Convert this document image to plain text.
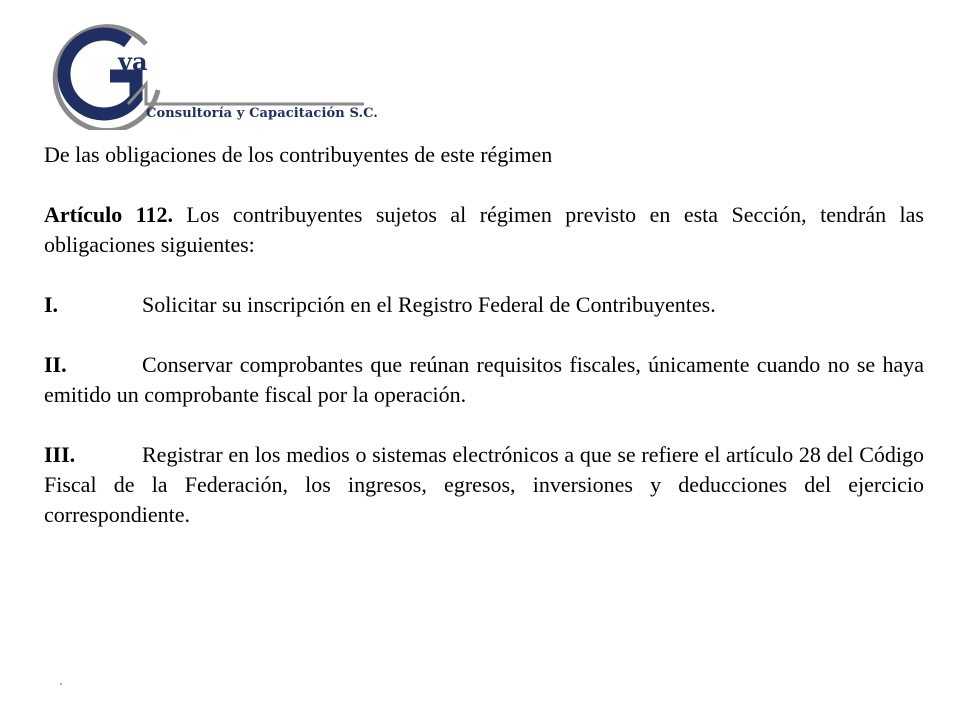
va
Consultoría y Capacitación S.C.

De las obligaciones de los contribuyentes de este régimen

Artículo 112. Los contribuyentes sujetos al régimen previsto en esta Sección, tendrán las obligaciones siguientes:

I.	Solicitar su inscripción en el Registro Federal de Contribuyentes.

II.	Conservar comprobantes que reúnan requisitos fiscales, únicamente cuando no se haya emitido un comprobante fiscal por la operación.

III.	Registrar en los medios o sistemas electrónicos a que se refiere el artículo 28 del Código Fiscal de la Federación, los ingresos, egresos, inversiones y deducciones del ejercicio correspondiente.
